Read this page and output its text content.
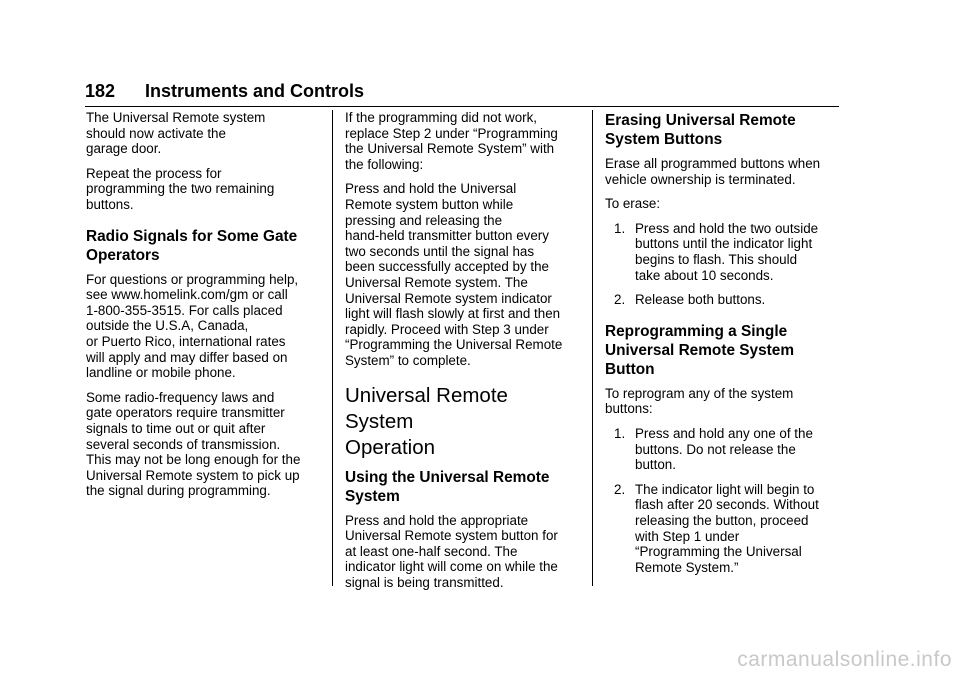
182 Instruments and Controls

The Universal Remote system
should now activate the
garage door.

Repeat the process for
programming the two remaining
buttons.

Radio Signals for Some Gate
Operators

For questions or programming help,
see www.homelink.com/gm or call
1-800-355-3515. For calls placed
outside the U.S.A, Canada,
or Puerto Rico, international rates
will apply and may differ based on
landline or mobile phone.

Some radio-frequency laws and
gate operators require transmitter
signals to time out or quit after
several seconds of transmission.
This may not be long enough for the
Universal Remote system to pick up
the signal during programming.

If the programming did not work,
replace Step 2 under “Programming
the Universal Remote System” with
the following:

Press and hold the Universal
Remote system button while
pressing and releasing the
hand-held transmitter button every
two seconds until the signal has
been successfully accepted by the
Universal Remote system. The
Universal Remote system indicator
light will flash slowly at first and then
rapidly. Proceed with Step 3 under
“Programming the Universal Remote
System” to complete.

Universal Remote System
Operation
Using the Universal Remote
System

Press and hold the appropriate
Universal Remote system button for
at least one-half second. The
indicator light will come on while the
signal is being transmitted.

Erasing Universal Remote
System Buttons

Erase all programmed buttons when
vehicle ownership is terminated.

To erase:

1. Press and hold the two outside
buttons until the indicator light
begins to flash. This should
take about 10 seconds.
2. Release both buttons.
Reprogramming a Single
Universal Remote System
Button

To reprogram any of the system
buttons:

1. Press and hold any one of the
buttons. Do not release the
button.
2. The indicator light will begin to
flash after 20 seconds. Without
releasing the button, proceed
with Step 1 under
“Programming the Universal
Remote System.”
carmanualsonline.info
